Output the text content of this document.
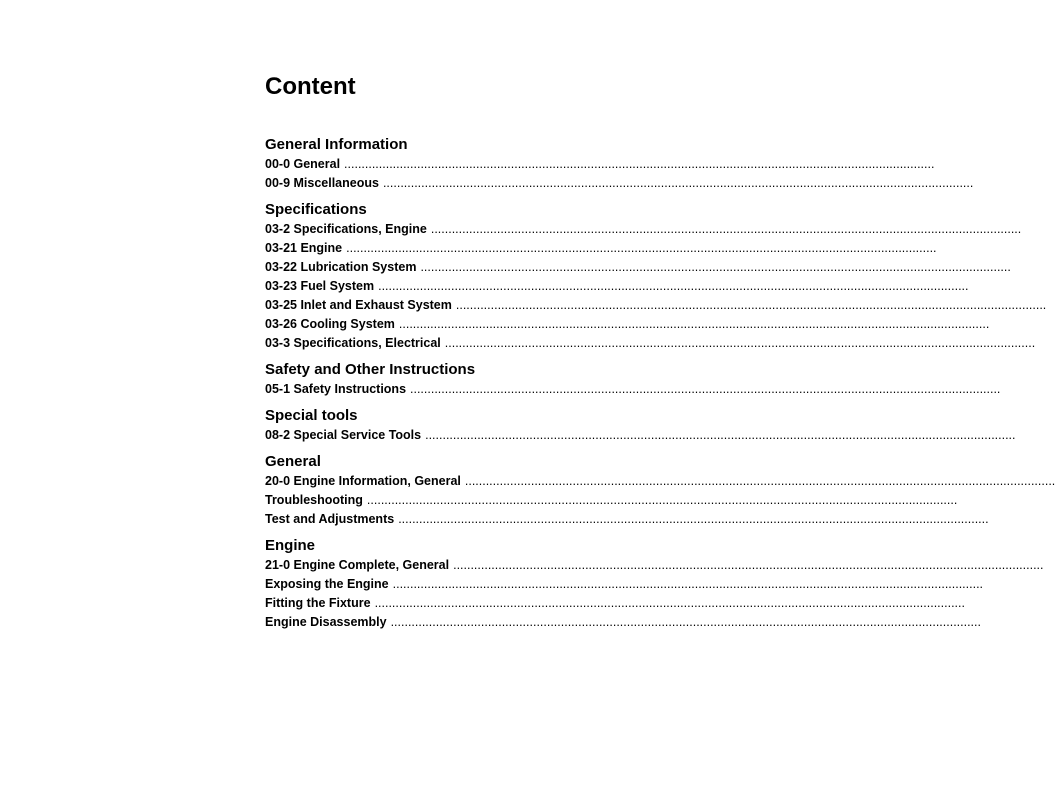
Content
General Information
00-0 General ..........................................................................................................................................................................
00-9 Miscellaneous ..........................................................................................................................................................................
Specifications
03-2 Specifications, Engine ..........................................................................................................................................................................
03-21 Engine ..........................................................................................................................................................................
03-22 Lubrication System ..........................................................................................................................................................................
03-23 Fuel System ..........................................................................................................................................................................
03-25 Inlet and Exhaust System ..........................................................................................................................................................................
03-26 Cooling System ..........................................................................................................................................................................
03-3 Specifications, Electrical ..........................................................................................................................................................................
Safety and Other Instructions
05-1 Safety Instructions ..........................................................................................................................................................................
Special tools
08-2 Special Service Tools ..........................................................................................................................................................................
General
20-0 Engine Information, General ..........................................................................................................................................................................
Troubleshooting ..........................................................................................................................................................................
Test and Adjustments ..........................................................................................................................................................................
Engine
21-0 Engine Complete, General ..........................................................................................................................................................................
Exposing the Engine ..........................................................................................................................................................................
Fitting the Fixture ..........................................................................................................................................................................
Engine Disassembly ..........................................................................................................................................................................
